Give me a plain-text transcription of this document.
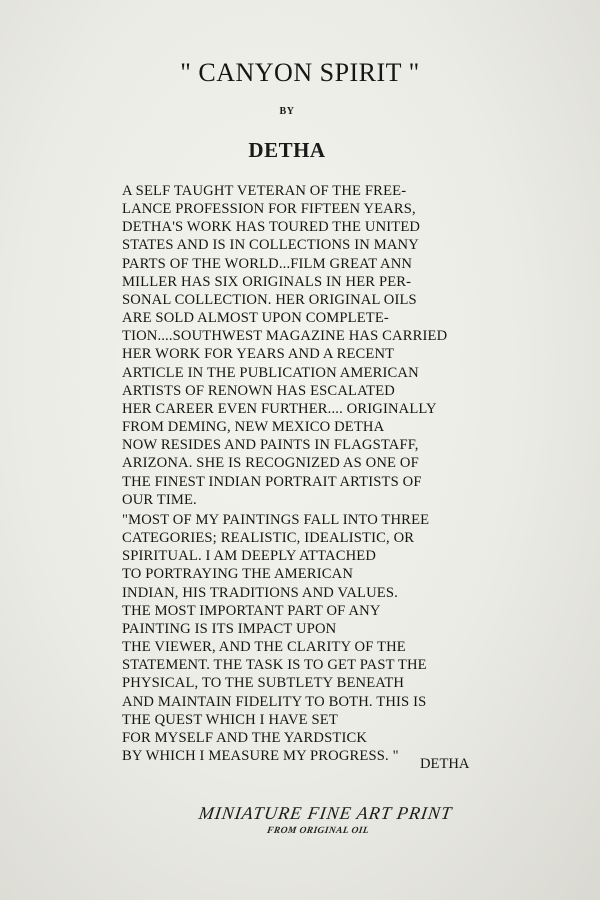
" CANYON SPIRIT "
BY
DETHA
A SELF TAUGHT VETERAN OF THE FREE-
LANCE PROFESSION FOR FIFTEEN YEARS,
DETHA'S WORK HAS TOURED THE UNITED
STATES AND IS IN COLLECTIONS IN MANY
PARTS OF THE WORLD...FILM GREAT ANN
MILLER HAS SIX ORIGINALS IN HER PER-
SONAL COLLECTION. HER ORIGINAL OILS
ARE SOLD ALMOST UPON COMPLETE-
TION....SOUTHWEST MAGAZINE HAS CARRIED
HER WORK FOR YEARS AND A RECENT
ARTICLE IN THE PUBLICATION AMERICAN
ARTISTS OF RENOWN HAS ESCALATED
HER CAREER EVEN FURTHER.... ORIGINALLY
FROM DEMING, NEW MEXICO DETHA
NOW RESIDES AND PAINTS IN FLAGSTAFF,
ARIZONA. SHE IS RECOGNIZED AS ONE OF
THE FINEST INDIAN PORTRAIT ARTISTS OF
OUR TIME.
"MOST OF MY PAINTINGS FALL INTO THREE
CATEGORIES; REALISTIC, IDEALISTIC, OR
SPIRITUAL. I AM DEEPLY ATTACHED
TO PORTRAYING THE AMERICAN
INDIAN, HIS TRADITIONS AND VALUES.
THE MOST IMPORTANT PART OF ANY
PAINTING IS ITS IMPACT UPON
THE VIEWER, AND THE CLARITY OF THE
STATEMENT. THE TASK IS TO GET PAST THE
PHYSICAL, TO THE SUBTLETY BENEATH
AND MAINTAIN FIDELITY TO BOTH. THIS IS
THE QUEST WHICH I HAVE SET
FOR MYSELF AND THE YARDSTICK
BY WHICH I MEASURE MY PROGRESS. "	DETHA
MINIATURE FINE ART PRINT
FROM ORIGINAL OIL
